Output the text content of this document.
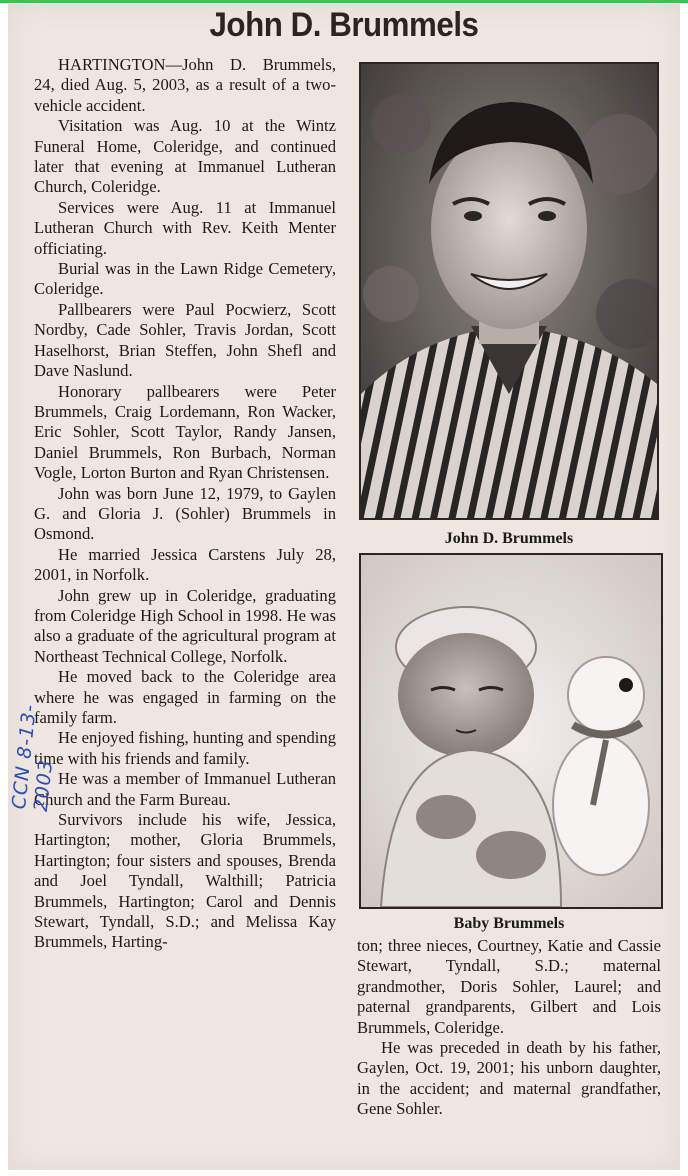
John D. Brummels

HARTINGTON—John D. Brummels, 24, died Aug. 5, 2003, as a result of a two-vehicle accident.

Visitation was Aug. 10 at the Wintz Funeral Home, Coleridge, and continued later that evening at Immanuel Lutheran Church, Coleridge.

Services were Aug. 11 at Immanuel Lutheran Church with Rev. Keith Menter officiating.

Burial was in the Lawn Ridge Cemetery, Coleridge.

Pallbearers were Paul Pocwierz, Scott Nordby, Cade Sohler, Travis Jordan, Scott Haselhorst, Brian Steffen, John Shefl and Dave Naslund.

Honorary pallbearers were Peter Brummels, Craig Lordemann, Ron Wacker, Eric Sohler, Scott Taylor, Randy Jansen, Daniel Brummels, Ron Burbach, Norman Vogle, Lorton Burton and Ryan Christensen.

John was born June 12, 1979, to Gaylen G. and Gloria J. (Sohler) Brummels in Osmond.

He married Jessica Carstens July 28, 2001, in Norfolk.

John grew up in Coleridge, graduating from Coleridge High School in 1998. He was also a graduate of the agricultural program at Northeast Technical College, Norfolk.

He moved back to the Coleridge area where he was engaged in farming on the family farm.

He enjoyed fishing, hunting and spending time with his friends and family.

He was a member of Immanuel Lutheran Church and the Farm Bureau.

Survivors include his wife, Jessica, Hartington; mother, Gloria Brummels, Hartington; four sisters and spouses, Brenda and Joel Tyndall, Walthill; Patricia Brummels, Hartington; Carol and Dennis Stewart, Tyndall, S.D.; and Melissa Kay Brummels, Harting-

John D. Brummels
Baby Brummels

ton; three nieces, Courtney, Katie and Cassie Stewart, Tyndall, S.D.; maternal grandmother, Doris Sohler, Laurel; and paternal grandparents, Gilbert and Lois Brummels, Coleridge.

He was preceded in death by his father, Gaylen, Oct. 19, 2001; his unborn daughter, in the accident; and maternal grandfather, Gene Sohler.

CCN 8-13-2003
